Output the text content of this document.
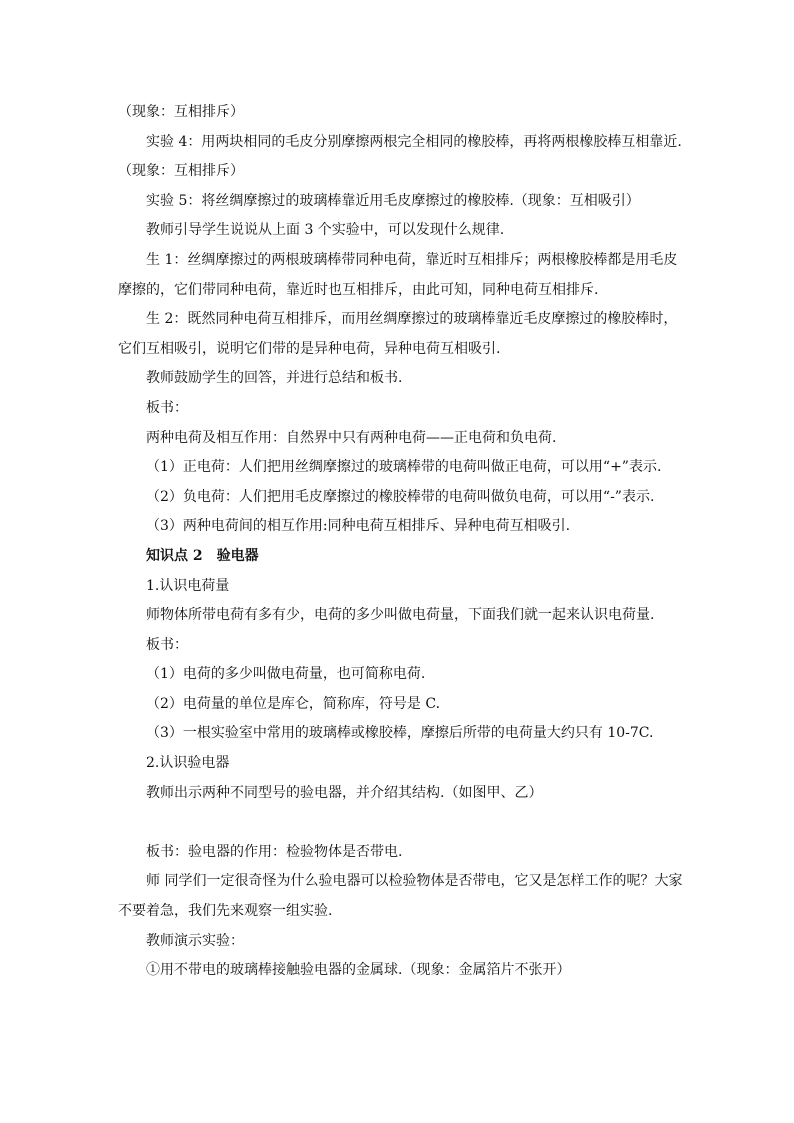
（现象：互相排斥）

实验 4：用两块相同的毛皮分别摩擦两根完全相同的橡胶棒，再将两根橡胶棒互相靠近.（现象：互相排斥）

实验 5：将丝绸摩擦过的玻璃棒靠近用毛皮摩擦过的橡胶棒.（现象：互相吸引）

教师引导学生说说从上面 3 个实验中，可以发现什么规律.

生 1：丝绸摩擦过的两根玻璃棒带同种电荷，靠近时互相排斥；两根橡胶棒都是用毛皮摩擦的，它们带同种电荷，靠近时也互相排斥，由此可知，同种电荷互相排斥.

生 2：既然同种电荷互相排斥，而用丝绸摩擦过的玻璃棒靠近毛皮摩擦过的橡胶棒时，它们互相吸引，说明它们带的是异种电荷，异种电荷互相吸引.

教师鼓励学生的回答，并进行总结和板书.

板书：

两种电荷及相互作用：自然界中只有两种电荷——正电荷和负电荷.

（1）正电荷：人们把用丝绸摩擦过的玻璃棒带的电荷叫做正电荷，可以用“+”表示.

（2）负电荷：人们把用毛皮摩擦过的橡胶棒带的电荷叫做负电荷，可以用“-”表示.

（3）两种电荷间的相互作用:同种电荷互相排斥、异种电荷互相吸引.

知识点 2　验电器

1.认识电荷量

师物体所带电荷有多有少，电荷的多少叫做电荷量，下面我们就一起来认识电荷量.

板书：

（1）电荷的多少叫做电荷量，也可简称电荷.

（2）电荷量的单位是库仑，简称库，符号是 C.

（3）一根实验室中常用的玻璃棒或橡胶棒，摩擦后所带的电荷量大约只有 10-7C.

2.认识验电器

教师出示两种不同型号的验电器，并介绍其结构.（如图甲、乙）

板书：验电器的作用：检验物体是否带电.

师 同学们一定很奇怪为什么验电器可以检验物体是否带电，它又是怎样工作的呢？大家不要着急，我们先来观察一组实验.

教师演示实验：

①用不带电的玻璃棒接触验电器的金属球.（现象：金属箔片不张开）
